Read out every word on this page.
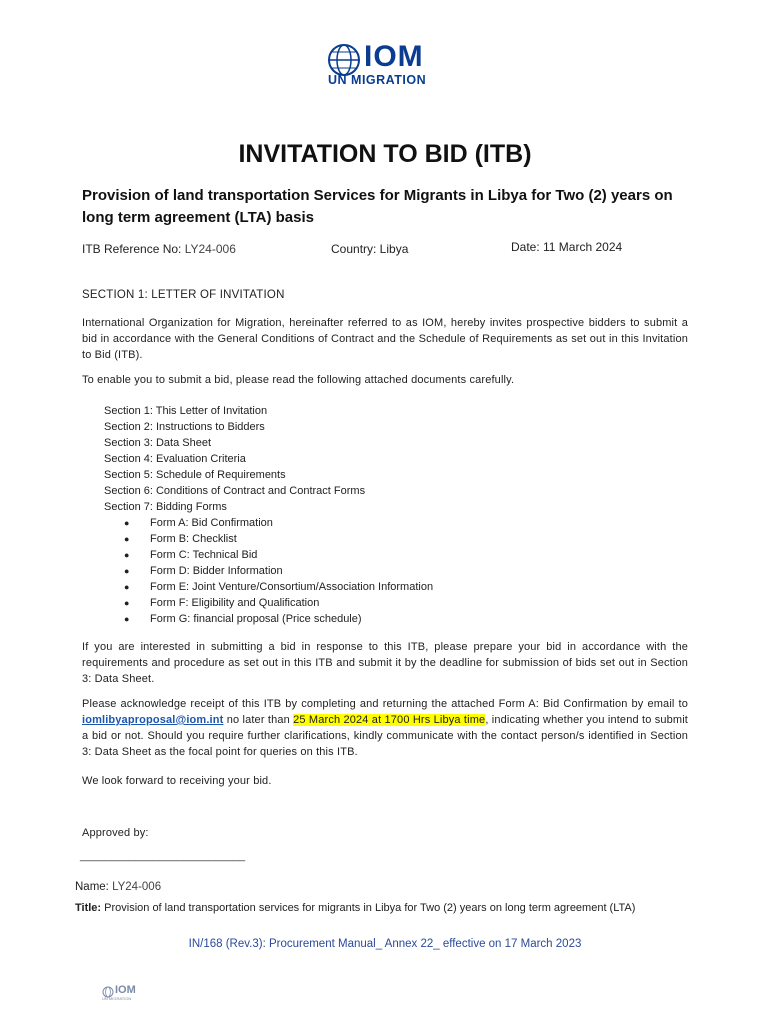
IOM
UN MIGRATION
INVITATION TO BID (ITB)
Provision of land transportation Services for Migrants in Libya for Two (2) years on long term agreement (LTA) basis
ITB Reference No: LY24-006	Country: Libya	Date: 11 March 2024
SECTION 1: LETTER OF INVITATION
International Organization for Migration, hereinafter referred to as IOM, hereby invites prospective bidders to submit a bid in accordance with the General Conditions of Contract and the Schedule of Requirements as set out in this Invitation to Bid (ITB).
To enable you to submit a bid, please read the following attached documents carefully.
Section 1: This Letter of Invitation
Section 2: Instructions to Bidders
Section 3: Data Sheet
Section 4: Evaluation Criteria
Section 5: Schedule of Requirements
Section 6: Conditions of Contract and Contract Forms
Section 7: Bidding Forms
●	Form A: Bid Confirmation
●	Form B: Checklist
●	Form C: Technical Bid
●	Form D: Bidder Information
●	Form E: Joint Venture/Consortium/Association Information
●	Form F: Eligibility and Qualification
●	Form G: financial proposal (Price schedule)
If you are interested in submitting a bid in response to this ITB, please prepare your bid in accordance with the requirements and procedure as set out in this ITB and submit it by the deadline for submission of bids set out in Section 3: Data Sheet.
Please acknowledge receipt of this ITB by completing and returning the attached Form A: Bid Confirmation by email to iomlibyaproposal@iom.int no later than 25 March 2024 at 1700 Hrs Libya time, indicating whether you intend to submit a bid or not. Should you require further clarifications, kindly communicate with the contact person/s identified in Section 3: Data Sheet as the focal point for queries on this ITB.
We look forward to receiving your bid.
Approved by:
___________________________
Name: LY24-006
Title: Provision of land transportation services for migrants in Libya for Two (2) years on long term agreement (LTA)
IN/168 (Rev.3): Procurement Manual_ Annex 22_ effective on 17 March 2023
IOM
UN MIGRATION
